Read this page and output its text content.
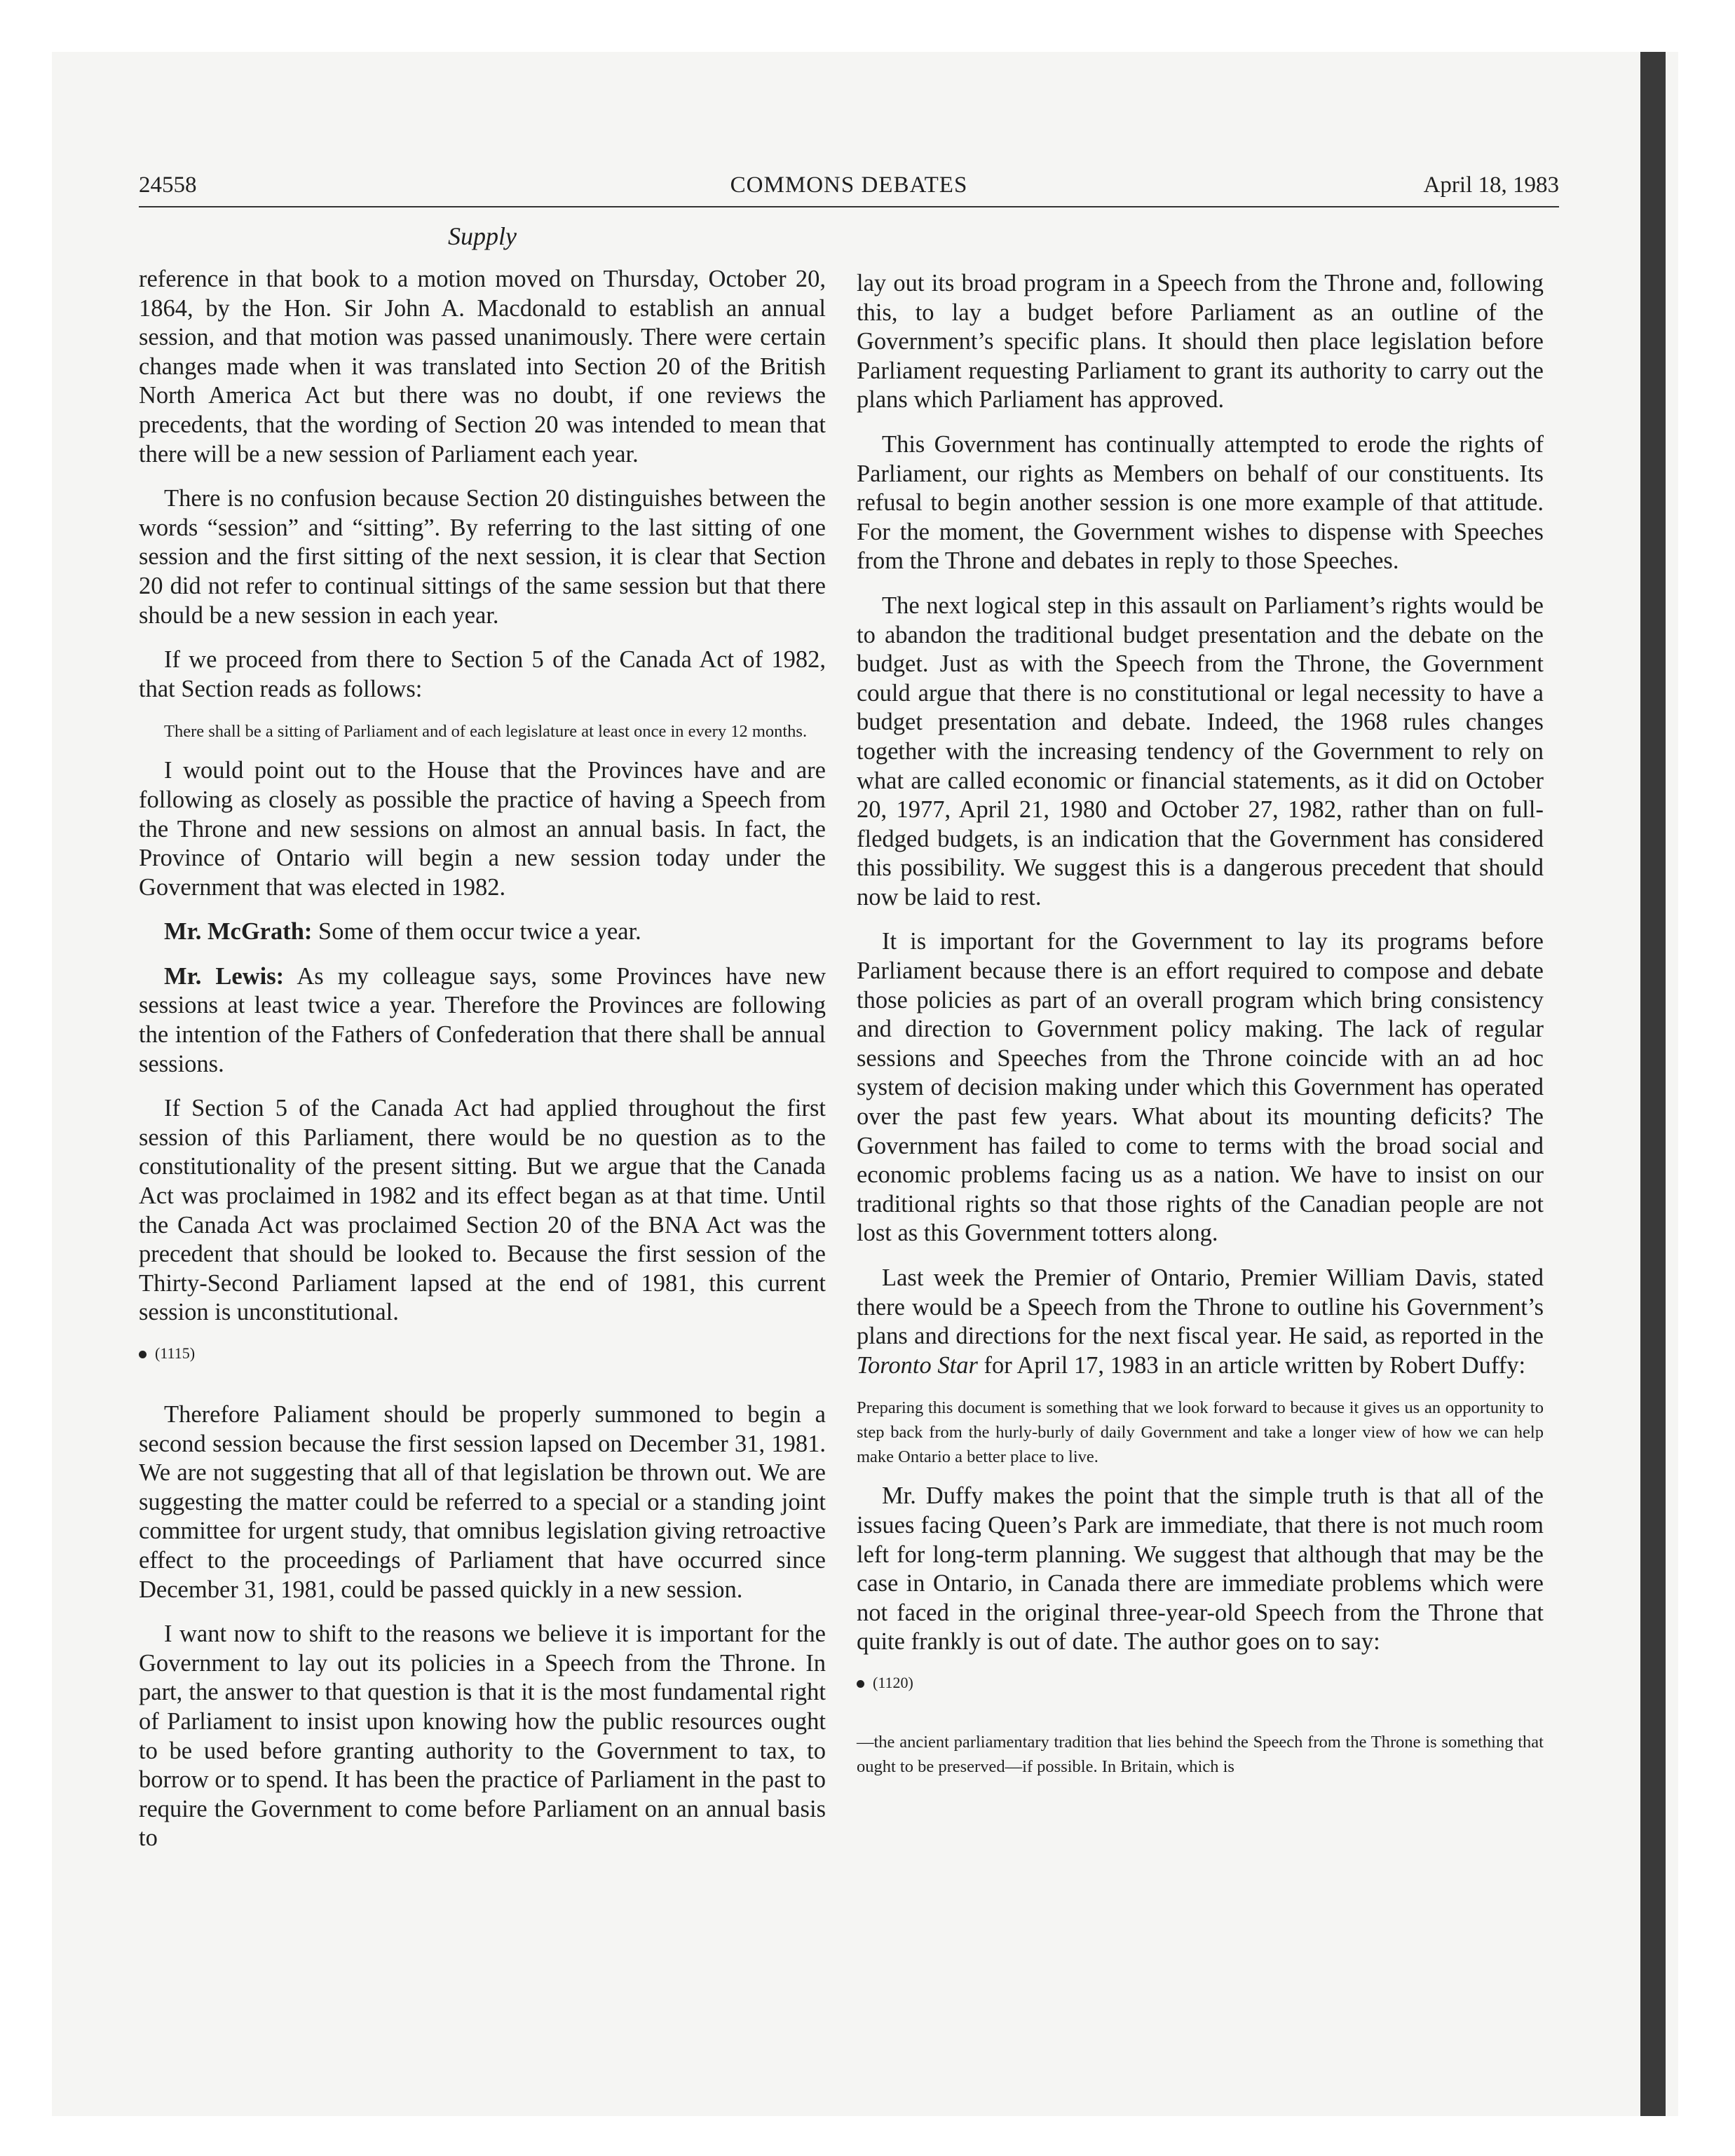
24558	COMMONS DEBATES	April 18, 1983
Supply

reference in that book to a motion moved on Thursday, October 20, 1864, by the Hon. Sir John A. Macdonald to establish an annual session, and that motion was passed unanimously. There were certain changes made when it was translated into Section 20 of the British North America Act but there was no doubt, if one reviews the precedents, that the wording of Section 20 was intended to mean that there will be a new session of Parliament each year.

There is no confusion because Section 20 distinguishes between the words “session” and “sitting”. By referring to the last sitting of one session and the first sitting of the next session, it is clear that Section 20 did not refer to continual sittings of the same session but that there should be a new session in each year.

If we proceed from there to Section 5 of the Canada Act of 1982, that Section reads as follows:

There shall be a sitting of Parliament and of each legislature at least once in every 12 months.

I would point out to the House that the Provinces have and are following as closely as possible the practice of having a Speech from the Throne and new sessions on almost an annual basis. In fact, the Province of Ontario will begin a new session today under the Government that was elected in 1982.

Mr. McGrath: Some of them occur twice a year.

Mr. Lewis: As my colleague says, some Provinces have new sessions at least twice a year. Therefore the Provinces are following the intention of the Fathers of Confederation that there shall be annual sessions.

If Section 5 of the Canada Act had applied throughout the first session of this Parliament, there would be no question as to the constitutionality of the present sitting. But we argue that the Canada Act was proclaimed in 1982 and its effect began as at that time. Until the Canada Act was proclaimed Section 20 of the BNA Act was the precedent that should be looked to. Because the first session of the Thirty-Second Parliament lapsed at the end of 1981, this current session is unconstitutional.

(1115)

Therefore Paliament should be properly summoned to begin a second session because the first session lapsed on December 31, 1981. We are not suggesting that all of that legislation be thrown out. We are suggesting the matter could be referred to a special or a standing joint committee for urgent study, that omnibus legislation giving retroactive effect to the proceedings of Parliament that have occurred since December 31, 1981, could be passed quickly in a new session.

I want now to shift to the reasons we believe it is important for the Government to lay out its policies in a Speech from the Throne. In part, the answer to that question is that it is the most fundamental right of Parliament to insist upon knowing how the public resources ought to be used before granting authority to the Government to tax, to borrow or to spend. It has been the practice of Parliament in the past to require the Government to come before Parliament on an annual basis to

lay out its broad program in a Speech from the Throne and, following this, to lay a budget before Parliament as an outline of the Government’s specific plans. It should then place legislation before Parliament requesting Parliament to grant its authority to carry out the plans which Parliament has approved.

This Government has continually attempted to erode the rights of Parliament, our rights as Members on behalf of our constituents. Its refusal to begin another session is one more example of that attitude. For the moment, the Government wishes to dispense with Speeches from the Throne and debates in reply to those Speeches.

The next logical step in this assault on Parliament’s rights would be to abandon the traditional budget presentation and the debate on the budget. Just as with the Speech from the Throne, the Government could argue that there is no constitutional or legal necessity to have a budget presentation and debate. Indeed, the 1968 rules changes together with the increasing tendency of the Government to rely on what are called economic or financial statements, as it did on October 20, 1977, April 21, 1980 and October 27, 1982, rather than on full-fledged budgets, is an indication that the Government has considered this possibility. We suggest this is a dangerous precedent that should now be laid to rest.

It is important for the Government to lay its programs before Parliament because there is an effort required to compose and debate those policies as part of an overall program which bring consistency and direction to Government policy making. The lack of regular sessions and Speeches from the Throne coincide with an ad hoc system of decision making under which this Government has operated over the past few years. What about its mounting deficits? The Government has failed to come to terms with the broad social and economic problems facing us as a nation. We have to insist on our traditional rights so that those rights of the Canadian people are not lost as this Government totters along.

Last week the Premier of Ontario, Premier William Davis, stated there would be a Speech from the Throne to outline his Government’s plans and directions for the next fiscal year. He said, as reported in the Toronto Star for April 17, 1983 in an article written by Robert Duffy:

Preparing this document is something that we look forward to because it gives us an opportunity to step back from the hurly-burly of daily Government and take a longer view of how we can help make Ontario a better place to live.

Mr. Duffy makes the point that the simple truth is that all of the issues facing Queen’s Park are immediate, that there is not much room left for long-term planning. We suggest that although that may be the case in Ontario, in Canada there are immediate problems which were not faced in the original three-year-old Speech from the Throne that quite frankly is out of date. The author goes on to say:

(1120)

—the ancient parliamentary tradition that lies behind the Speech from the Throne is something that ought to be preserved—if possible. In Britain, which is
